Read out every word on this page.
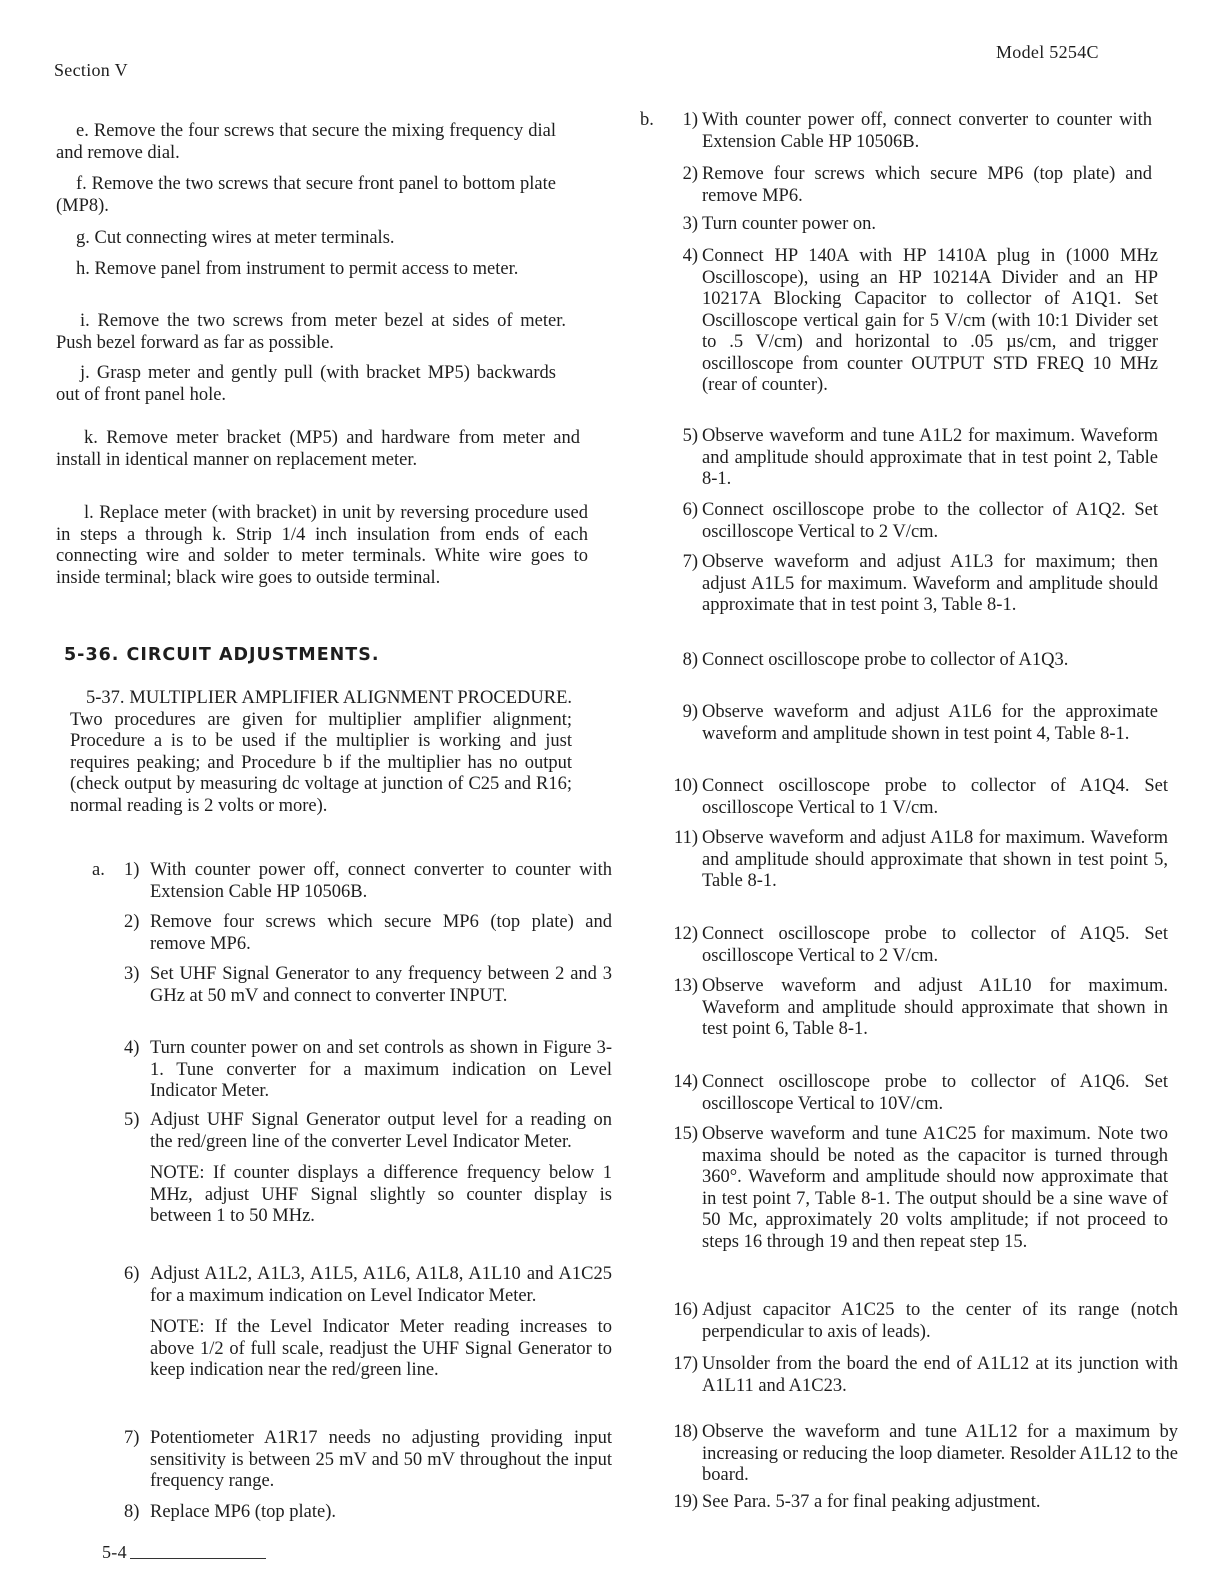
Section V
Model 5254C

e. Remove the four screws that secure the mixing frequency dial and remove dial.

f. Remove the two screws that secure front panel to bottom plate (MP8).

g. Cut connecting wires at meter terminals.

h. Remove panel from instrument to permit access to meter.

i. Remove the two screws from meter bezel at sides of meter. Push bezel forward as far as possible.

j. Grasp meter and gently pull (with bracket MP5) backwards out of front panel hole.

k. Remove meter bracket (MP5) and hardware from meter and install in identical manner on replacement meter.

l. Replace meter (with bracket) in unit by reversing procedure used in steps a through k. Strip 1/4 inch insulation from ends of each connecting wire and solder to meter terminals. White wire goes to inside terminal; black wire goes to outside terminal.

5-36. CIRCUIT ADJUSTMENTS.

5-37. MULTIPLIER AMPLIFIER ALIGNMENT PROCEDURE. Two procedures are given for multiplier amplifier alignment; Procedure a is to be used if the multiplier is working and just requires peaking; and Procedure b if the multiplier has no output (check output by measuring dc voltage at junction of C25 and R16; normal reading is 2 volts or more).

a. 1) With counter power off, connect converter to counter with Extension Cable HP 10506B.
2) Remove four screws which secure MP6 (top plate) and remove MP6.
3) Set UHF Signal Generator to any frequency between 2 and 3 GHz at 50 mV and connect to converter INPUT.
4) Turn counter power on and set controls as shown in Figure 3-1. Tune converter for a maximum indication on Level Indicator Meter.
5) Adjust UHF Signal Generator output level for a reading on the red/green line of the converter Level Indicator Meter.

NOTE: If counter displays a difference frequency below 1 MHz, adjust UHF Signal slightly so counter display is between 1 to 50 MHz.

6) Adjust A1L2, A1L3, A1L5, A1L6, A1L8, A1L10 and A1C25 for a maximum indication on Level Indicator Meter.

NOTE: If the Level Indicator Meter reading increases to above 1/2 of full scale, readjust the UHF Signal Generator to keep indication near the red/green line.

7) Potentiometer A1R17 needs no adjusting providing input sensitivity is between 25 mV and 50 mV throughout the input frequency range.
8) Replace MP6 (top plate).
b.	1) With counter power off, connect converter to counter with Extension Cable HP 10506B.
2) Remove four screws which secure MP6 (top plate) and remove MP6.
3) Turn counter power on.
4) Connect HP 140A with HP 1410A plug in (1000 MHz Oscilloscope), using an HP 10214A Divider and an HP 10217A Blocking Capacitor to collector of A1Q1. Set Oscilloscope vertical gain for 5 V/cm (with 10:1 Divider set to .5 V/cm) and horizontal to .05 µs/cm, and trigger oscilloscope from counter OUTPUT STD FREQ 10 MHz (rear of counter).
5) Observe waveform and tune A1L2 for maximum. Waveform and amplitude should approximate that in test point 2, Table 8-1.
6) Connect oscilloscope probe to the collector of A1Q2. Set oscilloscope Vertical to 2 V/cm.
7) Observe waveform and adjust A1L3 for maximum; then adjust A1L5 for maximum. Waveform and amplitude should approximate that in test point 3, Table 8-1.
8) Connect oscilloscope probe to collector of A1Q3.
9) Observe waveform and adjust A1L6 for the approximate waveform and amplitude shown in test point 4, Table 8-1.
10) Connect oscilloscope probe to collector of A1Q4. Set oscilloscope Vertical to 1 V/cm.
11) Observe waveform and adjust A1L8 for maximum. Waveform and amplitude should approximate that shown in test point 5, Table 8-1.
12) Connect oscilloscope probe to collector of A1Q5. Set oscilloscope Vertical to 2 V/cm.
13) Observe waveform and adjust A1L10 for maximum. Waveform and amplitude should approximate that shown in test point 6, Table 8-1.
14) Connect oscilloscope probe to collector of A1Q6. Set oscilloscope Vertical to 10V/cm.
15) Observe waveform and tune A1C25 for maximum. Note two maxima should be noted as the capacitor is turned through 360°. Waveform and amplitude should now approximate that in test point 7, Table 8-1. The output should be a sine wave of 50 Mc, approximately 20 volts amplitude; if not proceed to steps 16 through 19 and then repeat step 15.
16) Adjust capacitor A1C25 to the center of its range (notch perpendicular to axis of leads).
17) Unsolder from the board the end of A1L12 at its junction with A1L11 and A1C23.
18) Observe the waveform and tune A1L12 for a maximum by increasing or reducing the loop diameter. Resolder A1L12 to the board.
19) See Para. 5-37 a for final peaking adjustment.
5-4
